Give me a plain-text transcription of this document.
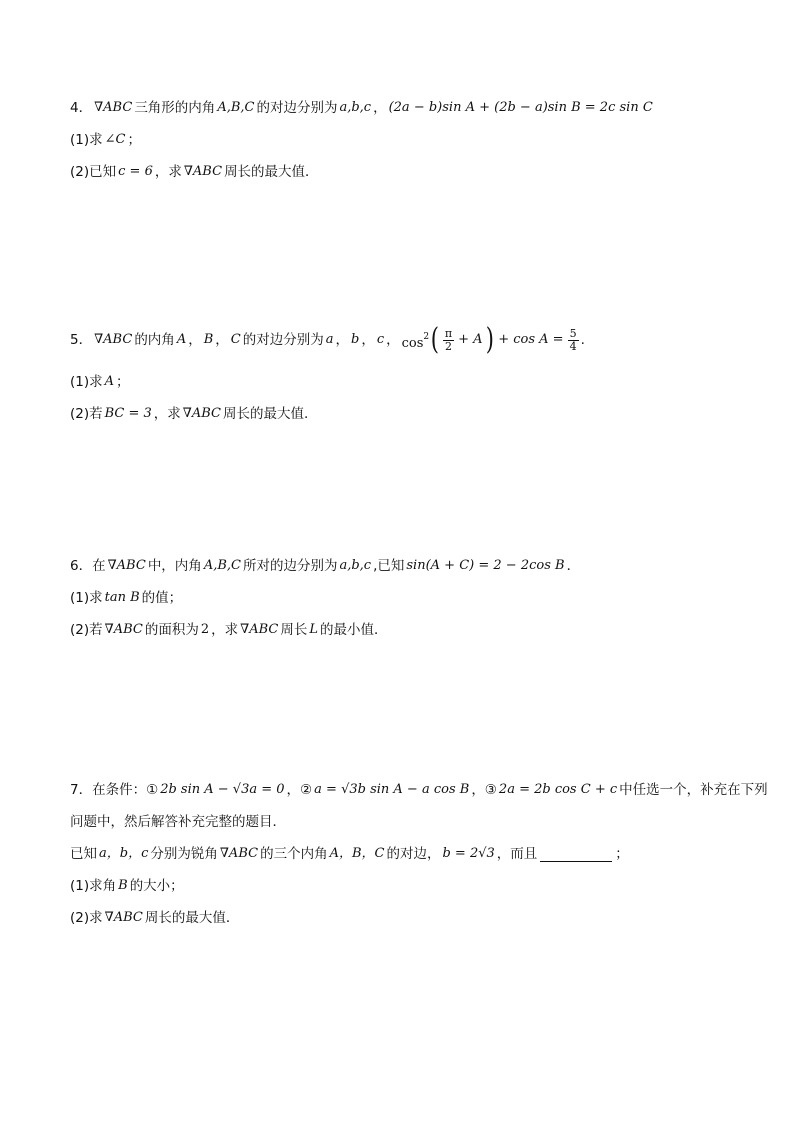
4． ∇ABC 三角形的内角 A,B,C 的对边分别为 a,b,c ， (2a − b)sin A + (2b − a)sin B = 2c sin C
(1)求 ∠C ；
(2)已知 c = 6 ，求 ∇ABC 周长的最大值．
5． ∇ABC 的内角 A ， B ， C 的对边分别为 a ， b ， c ， $\cos^2$ ( $\frac{\pi}{2} + A$ ) + $\cos A = \frac{5}{4}$ .
(1)求 A ；
(2)若 BC = 3 ，求 ∇ABC 周长的最大值.
6． 在 ∇ABC 中，内角 A,B,C 所对的边分别为 a,b,c ,已知 sin(A + C) = 2 − 2cos B ．
(1)求 tan B 的值；
(2)若 ∇ABC 的面积为 2 ，求 ∇ABC 周长 L 的最小值．
7． 在条件：① 2b sin A − √3a = 0 ，② a = √3b sin A − a cos B ，③ 2a = 2b cos C + c 中任选一个，补充在下列
问题中，然后解答补充完整的题目．
已知 a，b，c 分别为锐角 ∇ABC 的三个内角 A，B，C 的对边， b = 2√3 ，而且	；
(1)求角 B 的大小；
(2)求 ∇ABC 周长的最大值．
